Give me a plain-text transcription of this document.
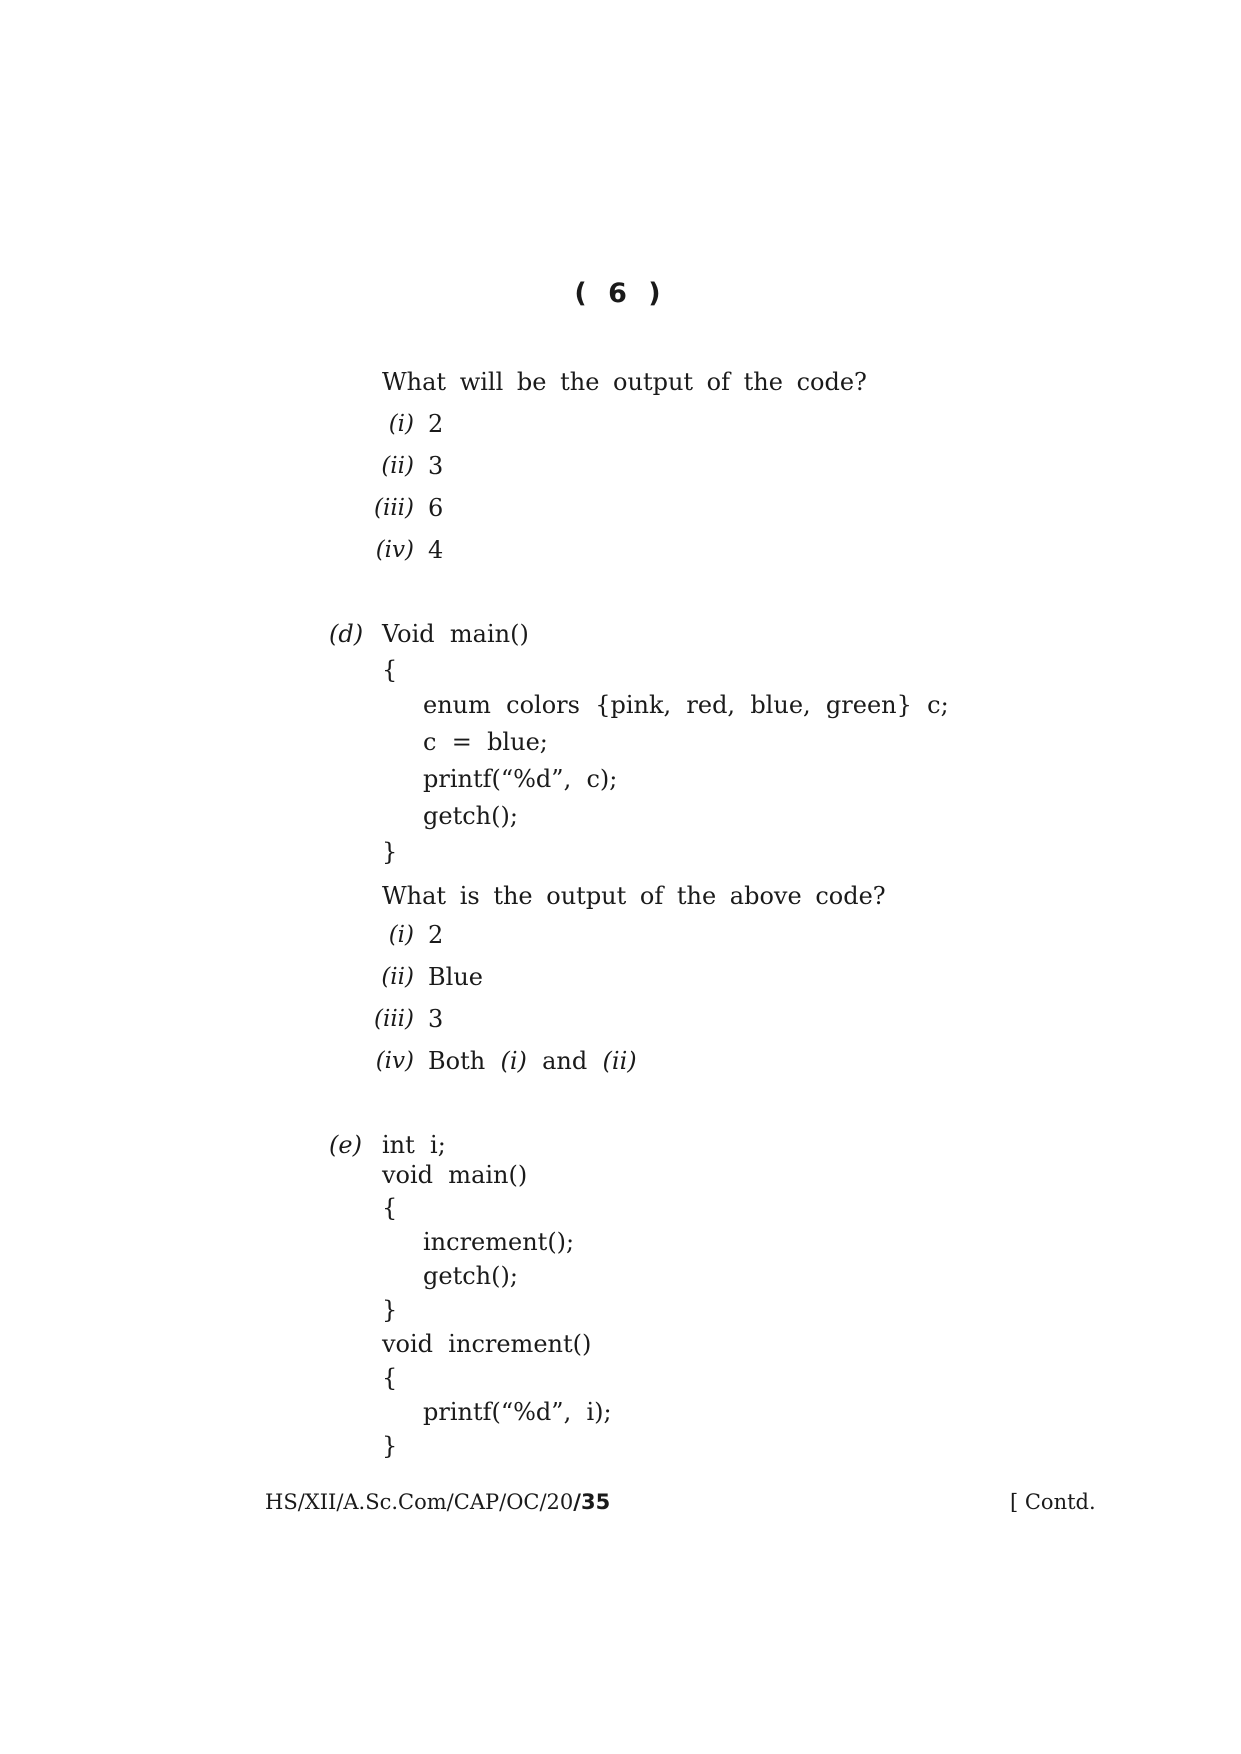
( 6 )
What will be the output of the code?
(i) 2
(ii) 3
(iii) 6
(iv) 4
(d) Void  main()
{
enum  colors  {pink,  red,  blue,  green}  c;
c  =  blue;
printf(“%d”,  c);
getch();
}
What is the output of the above code?
(i) 2
(ii) Blue
(iii) 3
(iv) Both (i) and (ii)
(e) int  i;
void  main()
{
increment();
getch();
}
void  increment()
{
printf(“%d”,  i);
}
HS/XII/A.Sc.Com/CAP/OC/20/35	[ Contd.
